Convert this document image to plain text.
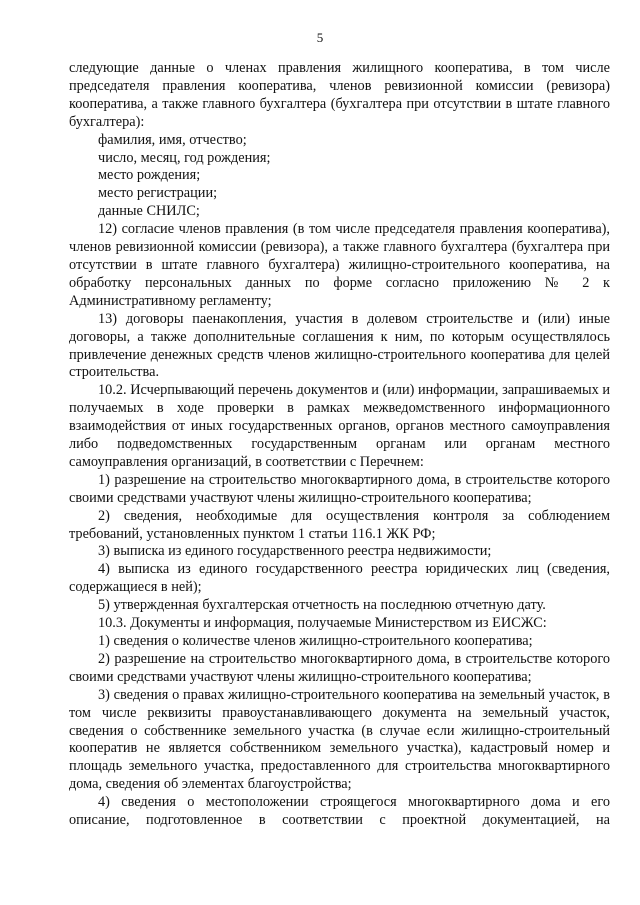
5

следующие данные о членах правления жилищного кооператива, в том числе председателя правления кооператива, членов ревизионной комиссии (ревизора) кооператива, а также главного бухгалтера (бухгалтера при отсутствии в штате главного бухгалтера):

фамилия, имя, отчество;

число, месяц, год рождения;

место рождения;

место регистрации;

данные СНИЛС;

12) согласие членов правления (в том числе председателя правления кооператива), членов ревизионной комиссии (ревизора), а также главного бухгалтера (бухгалтера при отсутствии в штате главного бухгалтера) жилищно-строительного кооператива, на обработку персональных данных по форме согласно приложению № 2 к Административному регламенту;

13) договоры паенакопления, участия в долевом строительстве и (или) иные договоры, а также дополнительные соглашения к ним, по которым осуществлялось привлечение денежных средств членов жилищно-строительного кооператива для целей строительства.

10.2. Исчерпывающий перечень документов и (или) информации, запрашиваемых и получаемых в ходе проверки в рамках межведомственного информационного взаимодействия от иных государственных органов, органов местного самоуправления либо подведомственных государственным органам или органам местного самоуправления организаций, в соответствии с Перечнем:

1) разрешение на строительство многоквартирного дома, в строительстве которого своими средствами участвуют члены жилищно-строительного кооператива;

2) сведения, необходимые для осуществления контроля за соблюдением требований, установленных пунктом 1 статьи 116.1 ЖК РФ;

3) выписка из единого государственного реестра недвижимости;

4) выписка из единого государственного реестра юридических лиц (сведения, содержащиеся в ней);

5) утвержденная бухгалтерская отчетность на последнюю отчетную дату.

10.3. Документы и информация, получаемые Министерством из ЕИСЖС:

1) сведения о количестве членов жилищно-строительного кооператива;

2) разрешение на строительство многоквартирного дома, в строительстве которого своими средствами участвуют члены жилищно-строительного кооператива;

3) сведения о правах жилищно-строительного кооператива на земельный участок, в том числе реквизиты правоустанавливающего документа на земельный участок, сведения о собственнике земельного участка (в случае если жилищно-строительный кооператив не является собственником земельного участка), кадастровый номер и площадь земельного участка, предоставленного для строительства многоквартирного дома, сведения об элементах благоустройства;

4) сведения о местоположении строящегося многоквартирного дома и его описание, подготовленное в соответствии с проектной документацией, на
